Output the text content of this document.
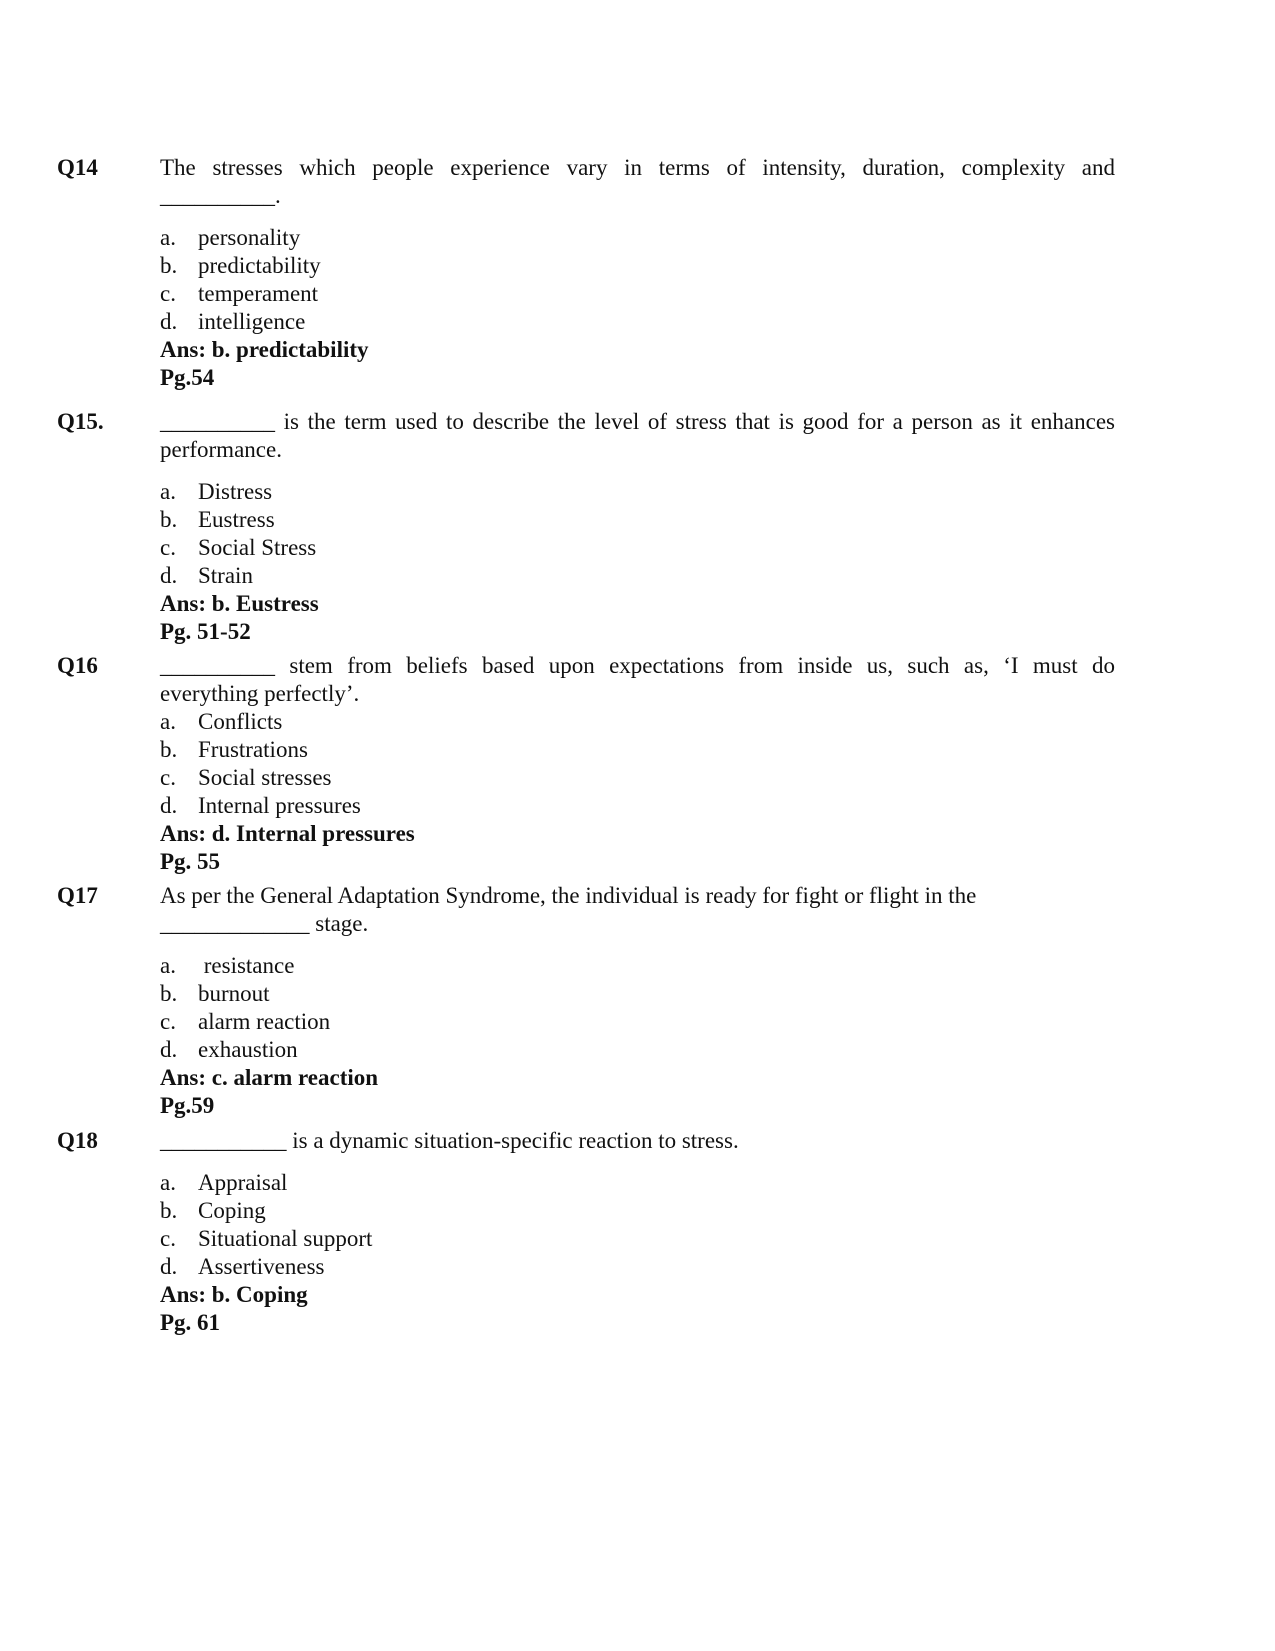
Q14	The stresses which people experience vary in terms of intensity, duration, complexity and

__________.

a. personality
b. predictability
c. temperament
d. intelligence

Ans: b. predictability

Pg.54

Q15. __________ is the term used to describe the level of stress that is good for a person as it enhances

performance.

a. Distress
b. Eustress
c. Social Stress
d. Strain

Ans: b. Eustress

Pg. 51-52

Q16	__________ stem from beliefs based upon expectations from inside us, such as, ‘I must do

everything perfectly’.

a. Conflicts
b. Frustrations
c. Social stresses
d. Internal pressures

Ans: d. Internal pressures

Pg. 55

Q17	As per the General Adaptation Syndrome, the individual is ready for fight or flight in the

_____________ stage.

a. resistance
b. burnout
c. alarm reaction
d. exhaustion

Ans: c. alarm reaction

Pg.59

Q18	___________ is a dynamic situation-specific reaction to stress.

a. Appraisal
b. Coping
c. Situational support
d. Assertiveness

Ans: b. Coping

Pg. 61
